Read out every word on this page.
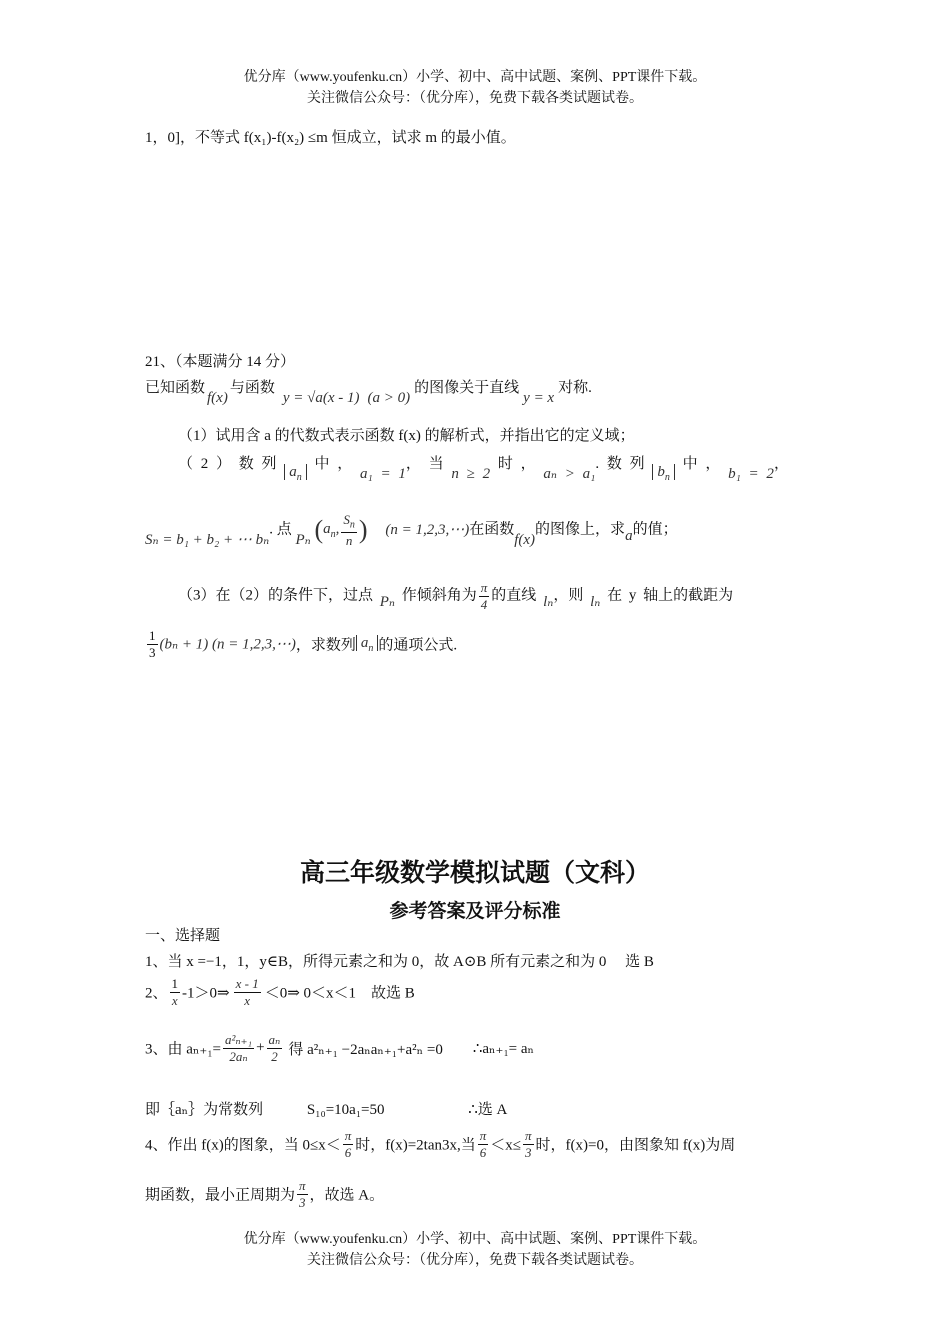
优分库（www.youfenku.cn）小学、初中、高中试题、案例、PPT课件下载。
关注微信公众号：（优分库），免费下载各类试题试卷。
1，0]，不等式 f(x₁)-f(x₂) ≤m 恒成立，试求 m 的最小值。
21、（本题满分 14 分）
已知函数f(x)与函数y = √a(x - 1) (a > 0)的图像关于直线y = x对称.
（1）试用含 a 的代数式表示函数 f(x) 的解析式，并指出它的定义域；
（ 2 ） 数 列 $a_n$ 中 ， a₁ = 1， 当 n ≥ 2 时 ， aₙ > a₁. 数 列 $b_n$ 中 ， b₁ = 2，
Sₙ = b₁ + b₂ + ⋯ bₙ. 点 Pₙ ($a_n$, $\frac{S_n}{n}$ ) (n = 1,2,3,⋯)在函数f(x)的图像上，求a的值；
（3）在（2）的条件下，过点 Pₙ 作倾斜角为 $\frac{\pi}{4}$ 的直线 lₙ，则 lₙ 在 y 轴上的截距为
$\frac{1}{3} (b_n + 1) (n$ = 1,2,3,⋯)，求数列 $a_n$ 的通项公式.
高三年级数学模拟试题（文科）
参考答案及评分标准
一、选择题
1、当 x =−1，1，y∈B，所得元素之和为 0，故 A⊙B 所有元素之和为 0　 选 B
2、 $\frac{1}{x}$ -1＞0⇒ $\frac{x - 1}{x}$ ＜0⇒ 0＜x＜1　故选 B
3、由 $a_{n+1}= \frac{\text{a²ₙ₊₁}}{\text{2aₙ}} + \frac{\text{aₙ}}{2}$ 得 a²ₙ₊₁ −2aₙaₙ₊₁+a²ₙ =0 ∴aₙ₊₁= aₙ
即｛aₙ｝为常数列	S₁₀=10a₁=50	∴选 A
4、作出 f(x)的图象，当 $0\le x< \frac{\pi}{6}$ 时，f(x)=2tan3x,当 $\frac{\pi}{6} <x\le \frac{\pi}{3}$ 时，f(x)=0，由图象知 f(x)为周
期函数，最小正周期为 $\frac{\pi}{3}$ ，故选 A。
优分库（www.youfenku.cn）小学、初中、高中试题、案例、PPT课件下载。
关注微信公众号：（优分库），免费下载各类试题试卷。
